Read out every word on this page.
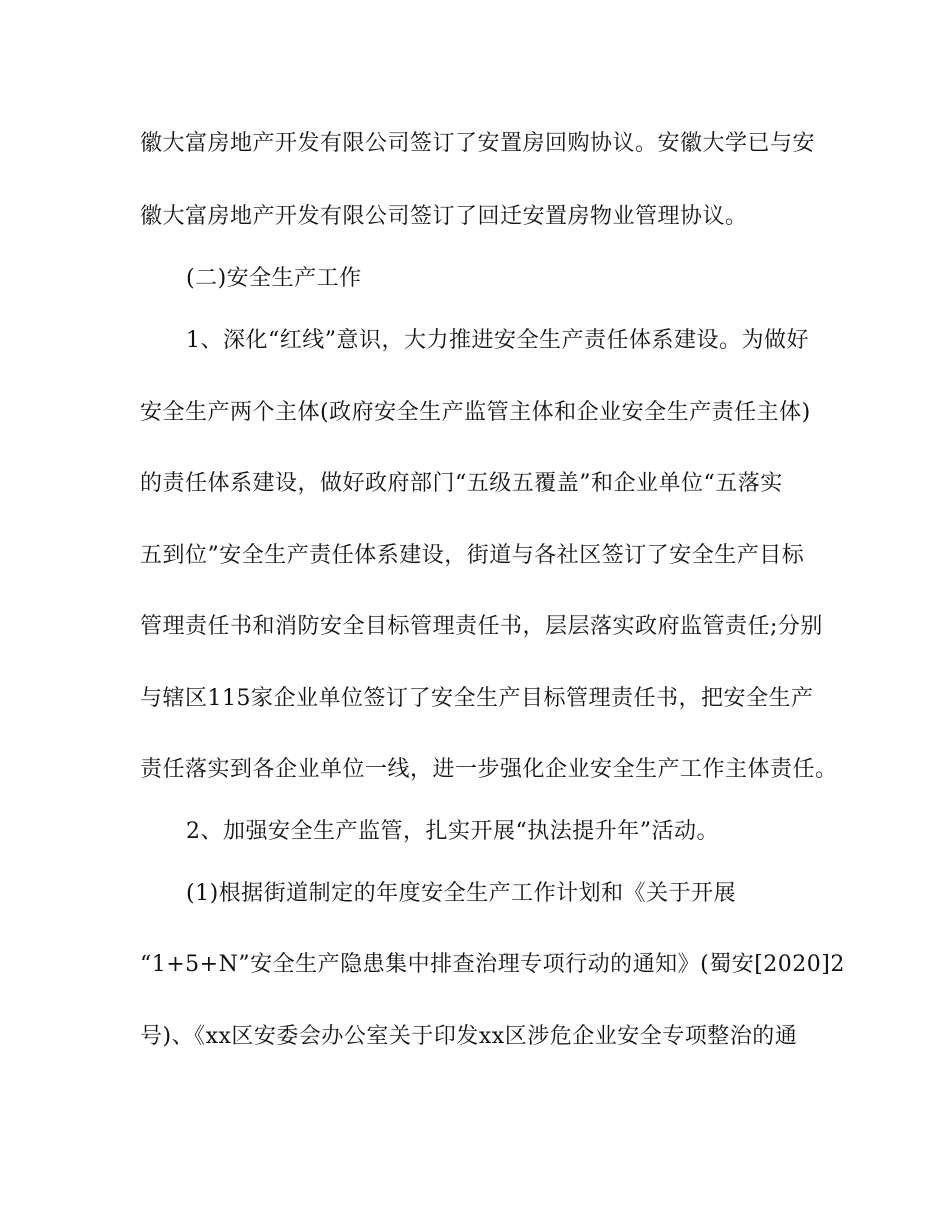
徽大富房地产开发有限公司签订了安置房回购协议。安徽大学已与安
徽大富房地产开发有限公司签订了回迁安置房物业管理协议。
(二)安全生产工作
1、深化“红线”意识，大力推进安全生产责任体系建设。为做好
安全生产两个主体(政府安全生产监管主体和企业安全生产责任主体)
的责任体系建设，做好政府部门“五级五覆盖”和企业单位“五落实
五到位”安全生产责任体系建设，街道与各社区签订了安全生产目标
管理责任书和消防安全目标管理责任书，层层落实政府监管责任;分别
与辖区115家企业单位签订了安全生产目标管理责任书，把安全生产
责任落实到各企业单位一线，进一步强化企业安全生产工作主体责任。
2、加强安全生产监管，扎实开展“执法提升年”活动。
(1)根据街道制定的年度安全生产工作计划和《关于开展
“1+5+N”安全生产隐患集中排查治理专项行动的通知》(蜀安[2020]2
号)、《xx区安委会办公室关于印发xx区涉危企业安全专项整治的通
